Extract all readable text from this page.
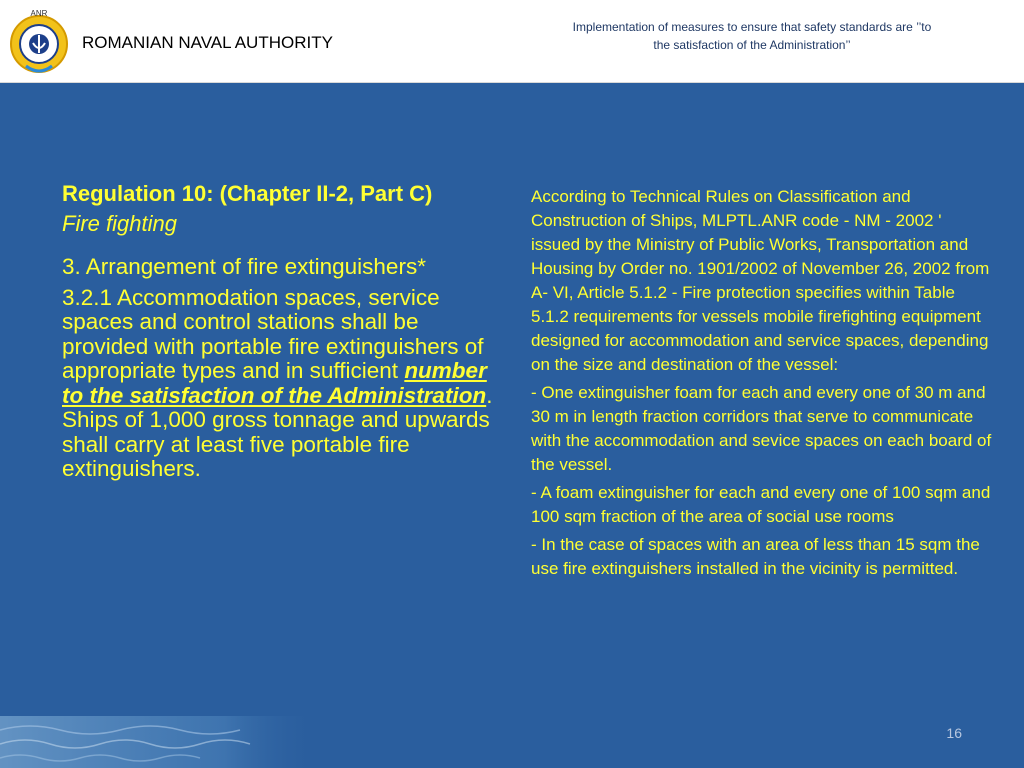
ANR
ROMANIAN NAVAL AUTHORITY
Implementation of measures to ensure that safety standards are ’’to
the satisfaction of the Administration’’
Regulation 10: (Chapter II-2, Part C)
Fire fighting

3. Arrangement of fire extinguishers*

3.2.1 Accommodation spaces, service spaces and control stations shall be provided with portable fire extinguishers of appropriate types and in sufficient number to the satisfaction of the Administration. Ships of 1,000 gross tonnage and upwards shall carry at least five portable fire extinguishers.

According to Technical Rules on Classification and Construction of Ships, MLPTL.ANR code - NM - 2002 ' issued by the Ministry of Public Works, Transportation and Housing by Order no. 1901/2002 of November 26, 2002 from A- VI, Article 5.1.2 - Fire protection specifies within Table 5.1.2 requirements for vessels mobile firefighting equipment designed for accommodation and service spaces, depending on the size and destination of the vessel:

- One extinguisher foam for each and every one of 30 m and 30 m in length fraction corridors that serve to communicate with the accommodation and sevice spaces on each board of the vessel.

- A foam extinguisher for each and every one of 100 sqm and 100 sqm fraction of the area of social use rooms

- In the case of spaces with an area of less than 15 sqm the use fire extinguishers installed in the vicinity is permitted.

16
